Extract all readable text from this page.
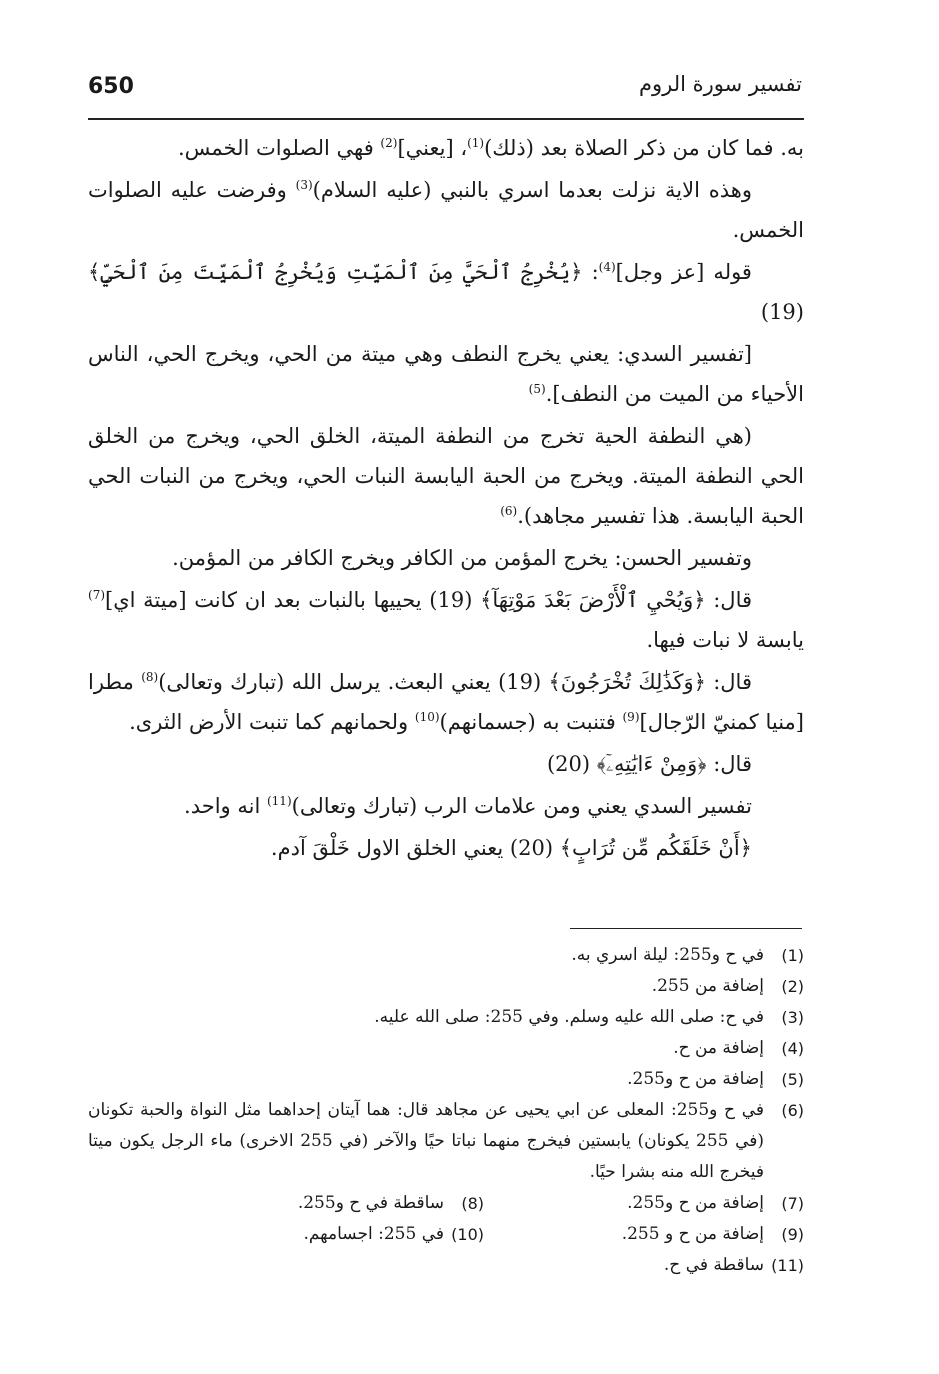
650	تفسير سورة الروم

به. فما كان من ذكر الصلاة بعد (ذلك)$^{(1)}$، [يعني]$^{(2)}$ فهي الصلوات الخمس.

وهذه الاية نزلت بعدما اسري بالنبي (عليه السلام)$^{(3)}$ وفرضت عليه الصلوات الخمس.

قوله [عز وجل]$^{(4)}$: ﴿يُخْرِجُ ٱلْحَيَّ مِنَ ٱلْمَيِّتِ وَيُخْرِجُ ٱلْمَيِّتَ مِنَ ٱلْحَيِّ﴾ (19)

[تفسير السدي: يعني يخرج النطف وهي ميتة من الحي، ويخرج الحي، الناس الأحياء من الميت من النطف].$^{(5)}$

(هي النطفة الحية تخرج من النطفة الميتة، الخلق الحي، ويخرج من الخلق الحي النطفة الميتة. ويخرج من الحبة اليابسة النبات الحي، ويخرج من النبات الحي الحبة اليابسة. هذا تفسير مجاهد).$^{(6)}$

وتفسير الحسن: يخرج المؤمن من الكافر ويخرج الكافر من المؤمن.

قال: ﴿وَيُحْيِ ٱلْأَرْضَ بَعْدَ مَوْتِهَآ﴾ (19) يحييها بالنبات بعد ان كانت [ميتة اي]$^{(7)}$ يابسة لا نبات فيها.

قال: ﴿وَكَذَٰلِكَ تُخْرَجُونَ﴾ (19) يعني البعث. يرسل الله (تبارك وتعالى)$^{(8)}$ مطرا [منيا كمنيّ الرّجال]$^{(9)}$ فتنبت به (جسمانهم)$^{(10)}$ ولحمانهم كما تنبت الأرض الثرى.

قال: ﴿وَمِنْ ءَايَٰتِهِۦٓ﴾ (20)

تفسير السدي يعني ومن علامات الرب (تبارك وتعالى)$^{(11)}$ انه واحد.

﴿أَنْ خَلَقَكُم مِّن تُرَابٍ﴾ (20) يعني الخلق الاول خَلْقَ آدم.

(1)
في ح و255: ليلة اسري به.
(2)
إضافة من 255.
(3)
في ح: صلى الله عليه وسلم. وفي 255: صلى الله عليه.
(4)
إضافة من ح.
(5)
إضافة من ح و255.
(6)
في ح و255: المعلى عن ابي يحيى عن مجاهد قال: هما آيتان إحداهما مثل النواة والحبة تكونان (في 255 يكونان) يابستين فيخرج منهما نباتا حيًا والآخر (في 255 الاخرى) ماء الرجل يكون ميتا فيخرج الله منه بشرا حيًا.
(7)
إضافة من ح و255.
(8)
ساقطة في ح و255.
(9)
إضافة من ح و 255.
(10)
في 255: اجسامهم.
(11)
ساقطة في ح.
